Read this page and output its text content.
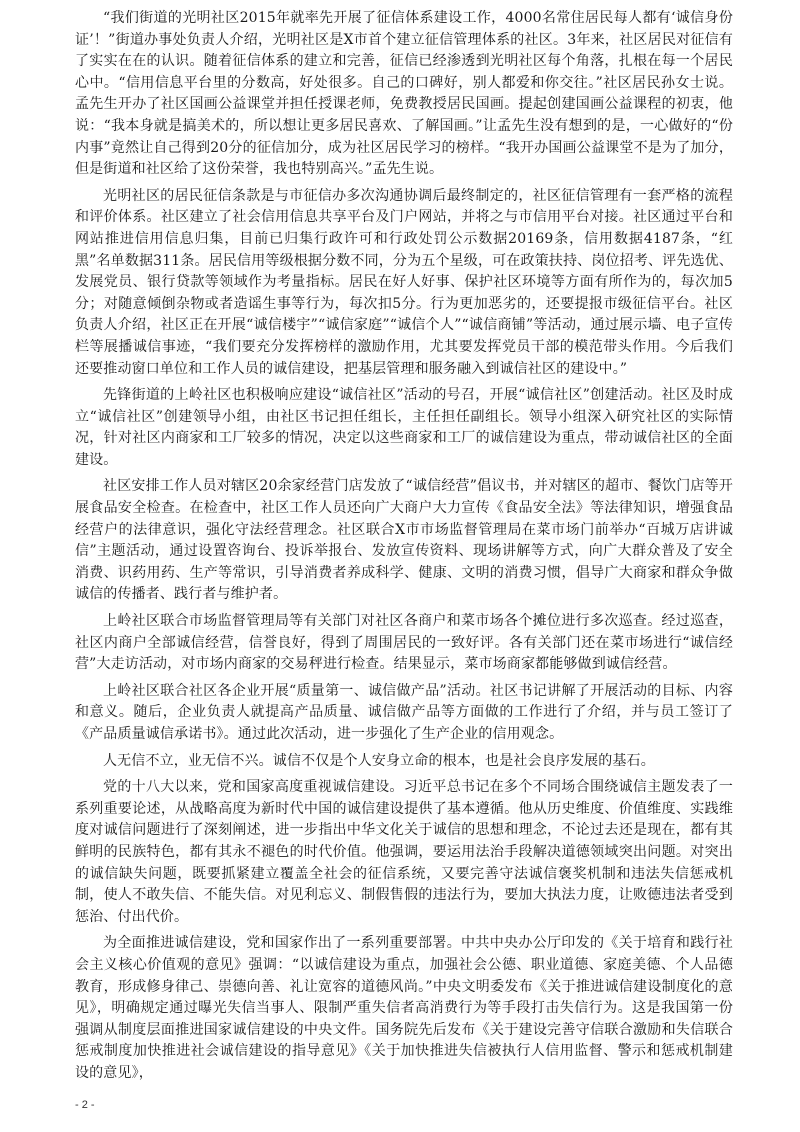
“我们街道的光明社区2015年就率先开展了征信体系建设工作，4000名常住居民每人都有‘诚信身份证’！”街道办事处负责人介绍，光明社区是X市首个建立征信管理体系的社区。3年来，社区居民对征信有了实实在在的认识。随着征信体系的建立和完善，征信已经渗透到光明社区每个角落，扎根在每一个居民心中。“信用信息平台里的分数高，好处很多。自己的口碑好，别人都爱和你交往。”社区居民孙女士说。孟先生开办了社区国画公益课堂并担任授课老师，免费教授居民国画。提起创建国画公益课程的初衷，他说：“我本身就是搞美术的，所以想让更多居民喜欢、了解国画。”让孟先生没有想到的是，一心做好的“份内事”竟然让自己得到20分的征信加分，成为社区居民学习的榜样。“我开办国画公益课堂不是为了加分，但是街道和社区给了这份荣誉，我也特别高兴。”孟先生说。

光明社区的居民征信条款是与市征信办多次沟通协调后最终制定的，社区征信管理有一套严格的流程和评价体系。社区建立了社会信用信息共享平台及门户网站，并将之与市信用平台对接。社区通过平台和网站推进信用信息归集，目前已归集行政许可和行政处罚公示数据20169条，信用数据4187条，“红黑”名单数据311条。居民信用等级根据分数不同，分为五个星级，可在政策扶持、岗位招考、评先选优、发展党员、银行贷款等领域作为考量指标。居民在好人好事、保护社区环境等方面有所作为的，每次加5分；对随意倾倒杂物或者造谣生事等行为，每次扣5分。行为更加恶劣的，还要提报市级征信平台。社区负责人介绍，社区正在开展“诚信楼宇”“诚信家庭”“诚信个人”“诚信商铺”等活动，通过展示墙、电子宣传栏等展播诚信事迹，“我们要充分发挥榜样的激励作用，尤其要发挥党员干部的模范带头作用。今后我们还要推动窗口单位和工作人员的诚信建设，把基层管理和服务融入到诚信社区的建设中。”

先锋街道的上岭社区也积极响应建设“诚信社区”活动的号召，开展“诚信社区”创建活动。社区及时成立“诚信社区”创建领导小组，由社区书记担任组长，主任担任副组长。领导小组深入研究社区的实际情况，针对社区内商家和工厂较多的情况，决定以这些商家和工厂的诚信建设为重点，带动诚信社区的全面建设。

社区安排工作人员对辖区20余家经营门店发放了“诚信经营”倡议书，并对辖区的超市、餐饮门店等开展食品安全检查。在检查中，社区工作人员还向广大商户大力宣传《食品安全法》等法律知识，增强食品经营户的法律意识，强化守法经营理念。社区联合X市市场监督管理局在菜市场门前举办“百城万店讲诚信”主题活动，通过设置咨询台、投诉举报台、发放宣传资料、现场讲解等方式，向广大群众普及了安全消费、识药用药、生产等常识，引导消费者养成科学、健康、文明的消费习惯，倡导广大商家和群众争做诚信的传播者、践行者与维护者。

上岭社区联合市场监督管理局等有关部门对社区各商户和菜市场各个摊位进行多次巡查。经过巡查，社区内商户全部诚信经营，信誉良好，得到了周围居民的一致好评。各有关部门还在菜市场进行“诚信经营”大走访活动，对市场内商家的交易秤进行检查。结果显示，菜市场商家都能够做到诚信经营。

上岭社区联合社区各企业开展“质量第一、诚信做产品”活动。社区书记讲解了开展活动的目标、内容和意义。随后，企业负责人就提高产品质量、诚信做产品等方面做的工作进行了介绍，并与员工签订了《产品质量诚信承诺书》。通过此次活动，进一步强化了生产企业的信用观念。

人无信不立，业无信不兴。诚信不仅是个人安身立命的根本，也是社会良序发展的基石。

党的十八大以来，党和国家高度重视诚信建设。习近平总书记在多个不同场合围绕诚信主题发表了一系列重要论述，从战略高度为新时代中国的诚信建设提供了基本遵循。他从历史维度、价值维度、实践维度对诚信问题进行了深刻阐述，进一步指出中华文化关于诚信的思想和理念，不论过去还是现在，都有其鲜明的民族特色，都有其永不褪色的时代价值。他强调，要运用法治手段解决道德领域突出问题。对突出的诚信缺失问题，既要抓紧建立覆盖全社会的征信系统，又要完善守法诚信褒奖机制和违法失信惩戒机制，使人不敢失信、不能失信。对见利忘义、制假售假的违法行为，要加大执法力度，让败德违法者受到惩治、付出代价。

为全面推进诚信建设，党和国家作出了一系列重要部署。中共中央办公厅印发的《关于培育和践行社会主义核心价值观的意见》强调：“以诚信建设为重点，加强社会公德、职业道德、家庭美德、个人品德教育，形成修身律己、崇德向善、礼让宽容的道德风尚。”中央文明委发布《关于推进诚信建设制度化的意见》，明确规定通过曝光失信当事人、限制严重失信者高消费行为等手段打击失信行为。这是我国第一份强调从制度层面推进国家诚信建设的中央文件。国务院先后发布《关于建设完善守信联合激励和失信联合惩戒制度加快推进社会诚信建设的指导意见》《关于加快推进失信被执行人信用监督、警示和惩戒机制建设的意见》，

- 2 -
